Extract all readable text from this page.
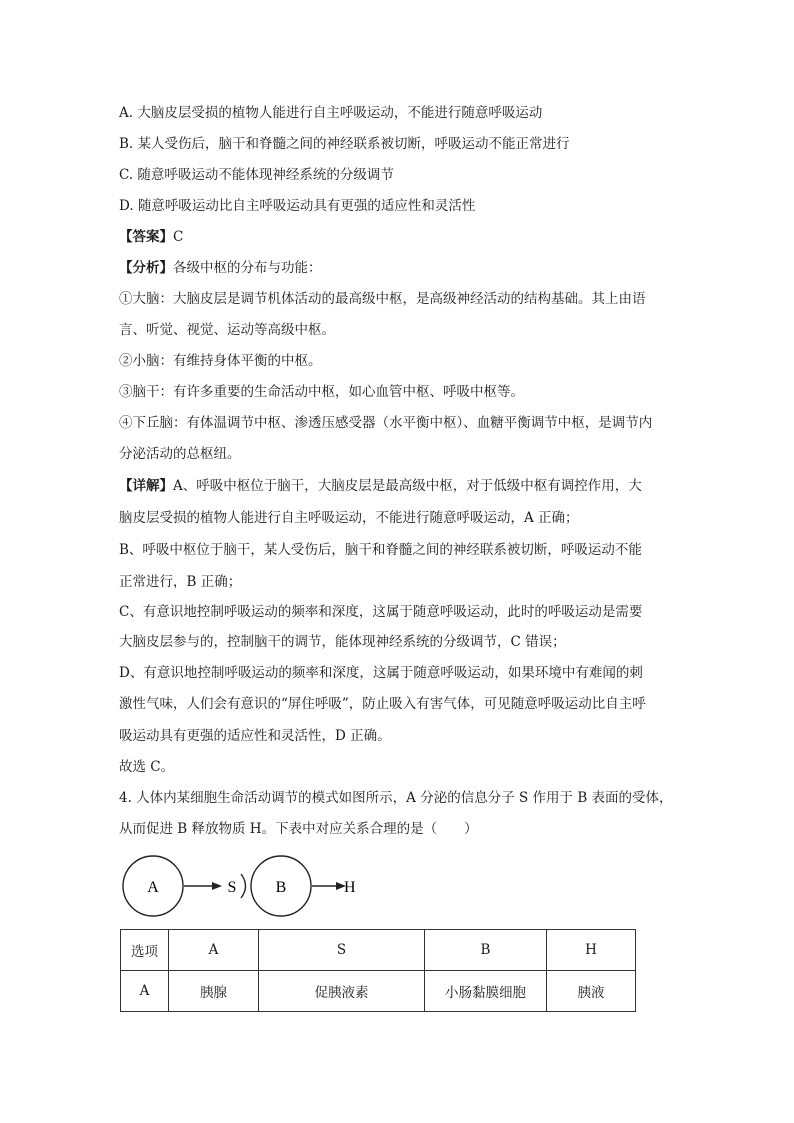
A. 大脑皮层受损的植物人能进行自主呼吸运动，不能进行随意呼吸运动
B. 某人受伤后，脑干和脊髓之间的神经联系被切断，呼吸运动不能正常进行
C. 随意呼吸运动不能体现神经系统的分级调节
D. 随意呼吸运动比自主呼吸运动具有更强的适应性和灵活性
【答案】C
【分析】各级中枢的分布与功能：
①大脑：大脑皮层是调节机体活动的最高级中枢，是高级神经活动的结构基础。其上由语
言、听觉、视觉、运动等高级中枢。
②小脑：有维持身体平衡的中枢。
③脑干：有许多重要的生命活动中枢，如心血管中枢、呼吸中枢等。
④下丘脑：有体温调节中枢、渗透压感受器（水平衡中枢）、血糖平衡调节中枢，是调节内
分泌活动的总枢纽。
【详解】A、呼吸中枢位于脑干，大脑皮层是最高级中枢，对于低级中枢有调控作用，大
脑皮层受损的植物人能进行自主呼吸运动，不能进行随意呼吸运动，A 正确；
B、呼吸中枢位于脑干，某人受伤后，脑干和脊髓之间的神经联系被切断，呼吸运动不能
正常进行，B 正确；
C、有意识地控制呼吸运动的频率和深度，这属于随意呼吸运动，此时的呼吸运动是需要
大脑皮层参与的，控制脑干的调节，能体现神经系统的分级调节，C 错误；
D、有意识地控制呼吸运动的频率和深度，这属于随意呼吸运动，如果环境中有难闻的刺
激性气味，人们会有意识的“屏住呼吸”，防止吸入有害气体，可见随意呼吸运动比自主呼
吸运动具有更强的适应性和灵活性，D 正确。
故选 C。
4. 人体内某细胞生命活动调节的模式如图所示，A 分泌的信息分子 S 作用于 B 表面的受体，
从而促进 B 释放物质 H。下表中对应关系合理的是（　　）
A	S B	H
选项	A	S	B	H
A	胰腺	促胰液素	小肠黏膜细胞	胰液
